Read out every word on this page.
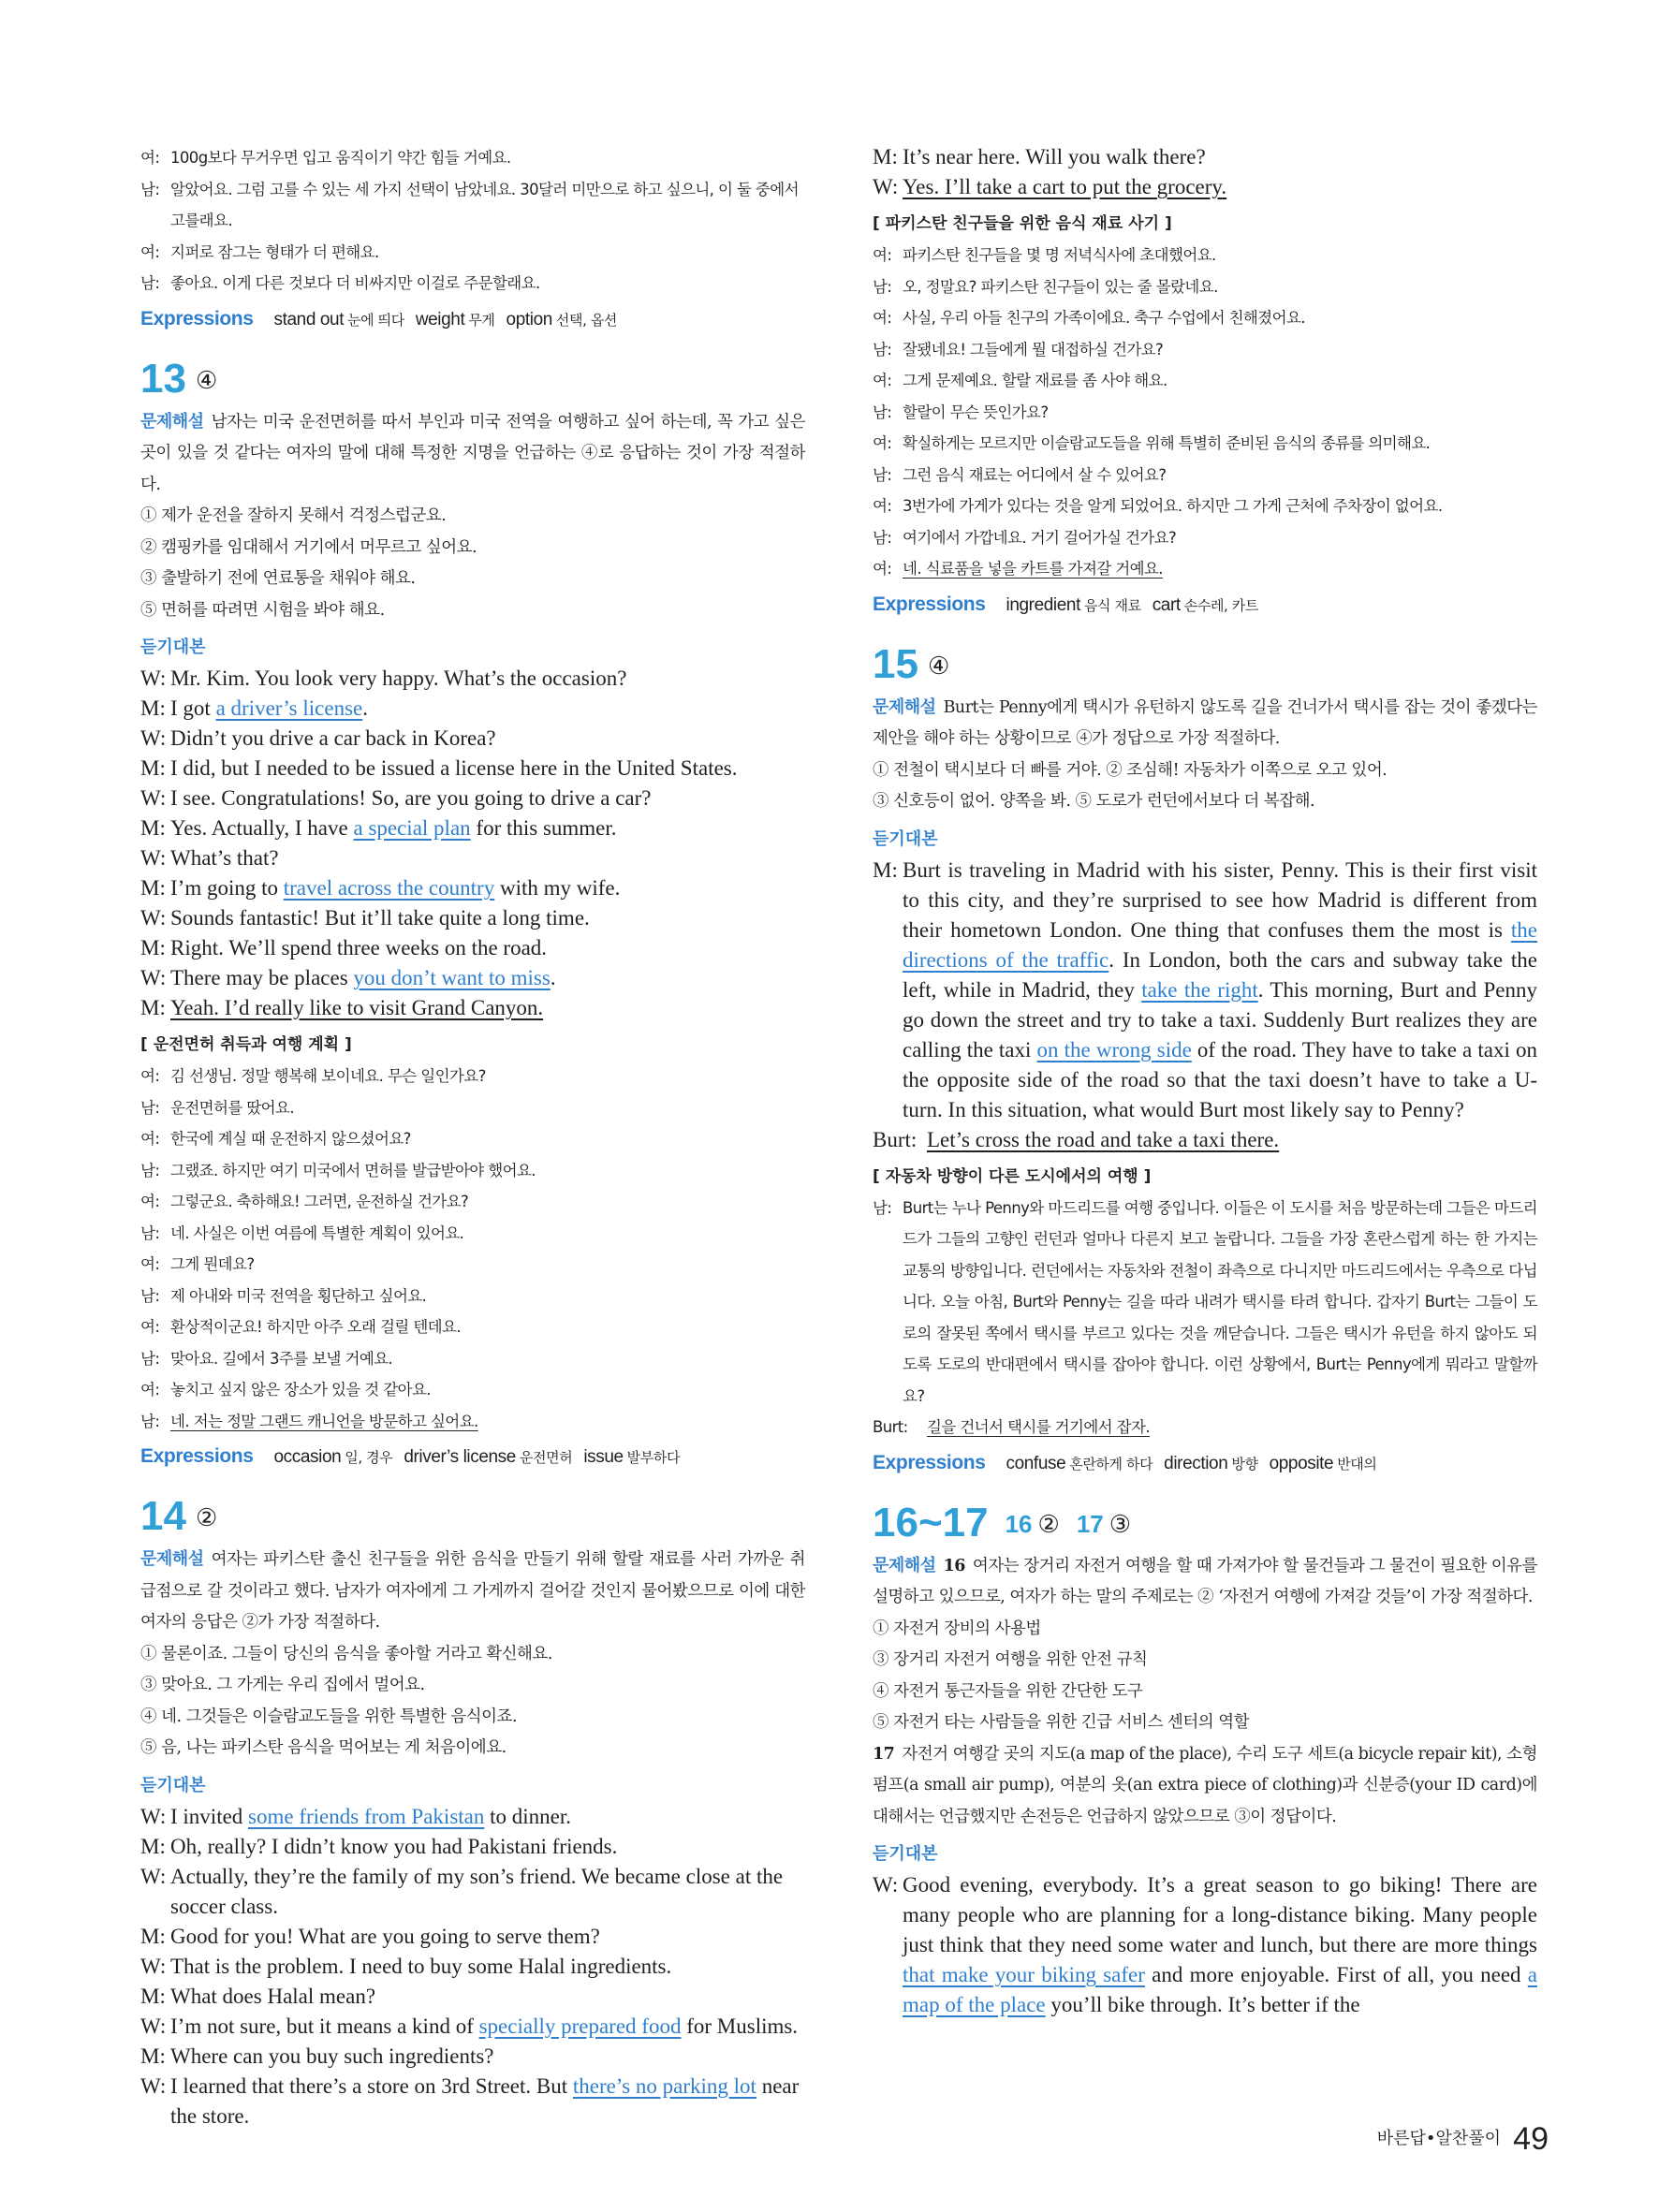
여: 100g보다 무거우면 입고 움직이기 약간 힘들 거예요.
남: 알았어요. 그럼 고를 수 있는 세 가지 선택이 남았네요. 30달러 미만으로 하고 싶으니, 이 둘 중에서 고를래요.
여: 지퍼로 잠그는 형태가 더 편해요.
남: 좋아요. 이게 다른 것보다 더 비싸지만 이걸로 주문할래요.
Expressions stand out 눈에 띄다 weight 무게 option 선택, 옵션
13 ④
문제해설 남자는 미국 운전면허를 따서 부인과 미국 전역을 여행하고 싶어 하는데, 꼭 가고 싶은 곳이 있을 것 같다는 여자의 말에 대해 특정한 지명을 언급하는 ④로 응답하는 것이 가장 적절하다.
① 제가 운전을 잘하지 못해서 걱정스럽군요.
② 캠핑카를 임대해서 거기에서 머무르고 싶어요.
③ 출발하기 전에 연료통을 채워야 해요.
⑤ 면허를 따려면 시험을 봐야 해요.
듣기대본
W: Mr. Kim. You look very happy. What’s the occasion?
M: I got a driver’s license.
W: Didn’t you drive a car back in Korea?
M: I did, but I needed to be issued a license here in the United States.
W: I see. Congratulations! So, are you going to drive a car?
M: Yes. Actually, I have a special plan for this summer.
W: What’s that?
M: I’m going to travel across the country with my wife.
W: Sounds fantastic! But it’ll take quite a long time.
M: Right. We’ll spend three weeks on the road.
W: There may be places you don’t want to miss.
M: Yeah. I’d really like to visit Grand Canyon.
[ 운전면허 취득과 여행 계획 ]
여: 김 선생님. 정말 행복해 보이네요. 무슨 일인가요?
남: 운전면허를 땄어요.
여: 한국에 계실 때 운전하지 않으셨어요?
남: 그랬죠. 하지만 여기 미국에서 면허를 발급받아야 했어요.
여: 그렇군요. 축하해요! 그러면, 운전하실 건가요?
남: 네. 사실은 이번 여름에 특별한 계획이 있어요.
여: 그게 뭔데요?
남: 제 아내와 미국 전역을 횡단하고 싶어요.
여: 환상적이군요! 하지만 아주 오래 걸릴 텐데요.
남: 맞아요. 길에서 3주를 보낼 거예요.
여: 놓치고 싶지 않은 장소가 있을 것 같아요.
남: 네. 저는 정말 그랜드 캐니언을 방문하고 싶어요.
Expressions occasion 일, 경우 driver’s license 운전면허 issue 발부하다
14 ②
문제해설 여자는 파키스탄 출신 친구들을 위한 음식을 만들기 위해 할랄 재료를 사러 가까운 취급점으로 갈 것이라고 했다. 남자가 여자에게 그 가게까지 걸어갈 것인지 물어봤으므로 이에 대한 여자의 응답은 ②가 가장 적절하다.
① 물론이죠. 그들이 당신의 음식을 좋아할 거라고 확신해요.
③ 맞아요. 그 가게는 우리 집에서 멀어요.
④ 네. 그것들은 이슬람교도들을 위한 특별한 음식이죠.
⑤ 음, 나는 파키스탄 음식을 먹어보는 게 처음이에요.
듣기대본
W: I invited some friends from Pakistan to dinner.
M: Oh, really? I didn’t know you had Pakistani friends.
W: Actually, they’re the family of my son’s friend. We became close at the soccer class.
M: Good for you! What are you going to serve them?
W: That is the problem. I need to buy some Halal ingredients.
M: What does Halal mean?
W: I’m not sure, but it means a kind of specially prepared food for Muslims.
M: Where can you buy such ingredients?
W: I learned that there’s a store on 3rd Street. But there’s no parking lot near the store.
M: It’s near here. Will you walk there?
W: Yes. I’ll take a cart to put the grocery.
[ 파키스탄 친구들을 위한 음식 재료 사기 ]
여: 파키스탄 친구들을 몇 명 저녁식사에 초대했어요.
남: 오, 정말요? 파키스탄 친구들이 있는 줄 몰랐네요.
여: 사실, 우리 아들 친구의 가족이에요. 축구 수업에서 친해졌어요.
남: 잘됐네요! 그들에게 뭘 대접하실 건가요?
여: 그게 문제예요. 할랄 재료를 좀 사야 해요.
남: 할랄이 무슨 뜻인가요?
여: 확실하게는 모르지만 이슬람교도들을 위해 특별히 준비된 음식의 종류를 의미해요.
남: 그런 음식 재료는 어디에서 살 수 있어요?
여: 3번가에 가게가 있다는 것을 알게 되었어요. 하지만 그 가게 근처에 주차장이 없어요.
남: 여기에서 가깝네요. 거기 걸어가실 건가요?
여: 네. 식료품을 넣을 카트를 가져갈 거예요.
Expressions ingredient 음식 재료 cart 손수레, 카트
15 ④
문제해설 Burt는 Penny에게 택시가 유턴하지 않도록 길을 건너가서 택시를 잡는 것이 좋겠다는 제안을 해야 하는 상황이므로 ④가 정답으로 가장 적절하다.
① 전철이 택시보다 더 빠를 거야. ② 조심해! 자동차가 이쪽으로 오고 있어.
③ 신호등이 없어. 양쪽을 봐. ⑤ 도로가 런던에서보다 더 복잡해.
듣기대본
M: Burt is traveling in Madrid with his sister, Penny. This is their first visit to this city, and they’re surprised to see how Madrid is different from their hometown London. One thing that confuses them the most is the directions of the traffic. In London, both the cars and subway take the left, while in Madrid, they take the right. This morning, Burt and Penny go down the street and try to take a taxi. Suddenly Burt realizes they are calling the taxi on the wrong side of the road. They have to take a taxi on the opposite side of the road so that the taxi doesn’t have to take a U-turn. In this situation, what would Burt most likely say to Penny?
Burt: Let’s cross the road and take a taxi there.
[ 자동차 방향이 다른 도시에서의 여행 ]
남: Burt는 누나 Penny와 마드리드를 여행 중입니다. 이들은 이 도시를 처음 방문하는데 그들은 마드리드가 그들의 고향인 런던과 얼마나 다른지 보고 놀랍니다. 그들을 가장 혼란스럽게 하는 한 가지는 교통의 방향입니다. 런던에서는 자동차와 전철이 좌측으로 다니지만 마드리드에서는 우측으로 다닙니다. 오늘 아침, Burt와 Penny는 길을 따라 내려가 택시를 타려 합니다. 갑자기 Burt는 그들이 도로의 잘못된 쪽에서 택시를 부르고 있다는 것을 깨닫습니다. 그들은 택시가 유턴을 하지 않아도 되도록 도로의 반대편에서 택시를 잡아야 합니다. 이런 상황에서, Burt는 Penny에게 뭐라고 말할까요?
Burt: 길을 건너서 택시를 거기에서 잡자.
Expressions confuse 혼란하게 하다 direction 방향 opposite 반대의
16~17 16 ② 17 ③
문제해설 16 여자는 장거리 자전거 여행을 할 때 가져가야 할 물건들과 그 물건이 필요한 이유를 설명하고 있으므로, 여자가 하는 말의 주제로는 ② ‘자전거 여행에 가져갈 것들’이 가장 적절하다.
① 자전거 장비의 사용법
③ 장거리 자전거 여행을 위한 안전 규칙
④ 자전거 통근자들을 위한 간단한 도구
⑤ 자전거 타는 사람들을 위한 긴급 서비스 센터의 역할
17 자전거 여행갈 곳의 지도(a map of the place), 수리 도구 세트(a bicycle repair kit), 소형 펌프(a small air pump), 여분의 옷(an extra piece of clothing)과 신분증(your ID card)에 대해서는 언급했지만 손전등은 언급하지 않았으므로 ③이 정답이다.
듣기대본
W: Good evening, everybody. It’s a great season to go biking! There are many people who are planning for a long-distance biking. Many people just think that they need some water and lunch, but there are more things that make your biking safer and more enjoyable. First of all, you need a map of the place you’ll bike through. It’s better if the
바른답•알찬풀이 49
